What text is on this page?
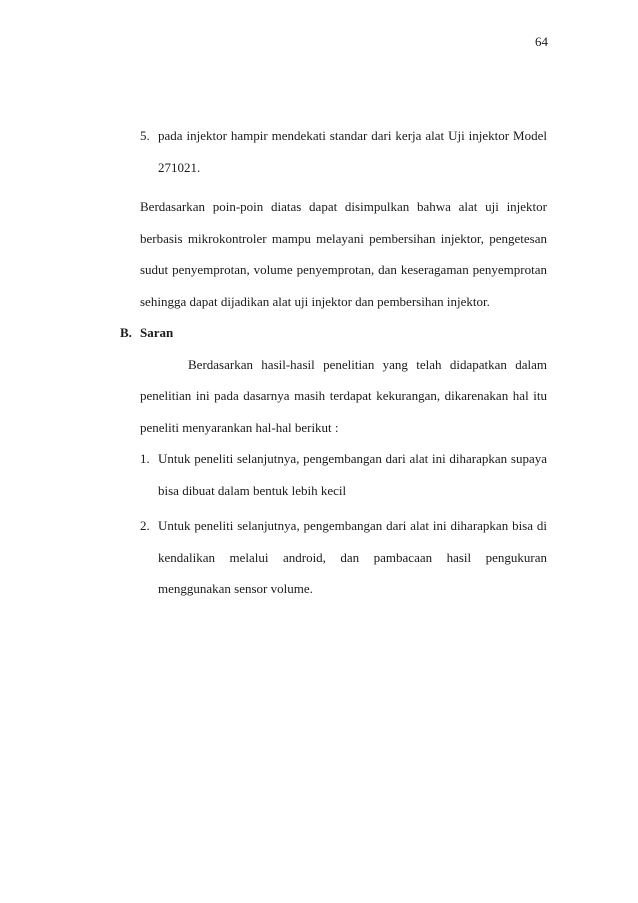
64
5. pada injektor hampir mendekati standar dari kerja alat Uji injektor Model
271021.
Berdasarkan poin-poin diatas dapat disimpulkan bahwa alat uji injektor berbasis mikrokontroler mampu melayani pembersihan injektor, pengetesan sudut penyemprotan, volume penyemprotan, dan keseragaman penyemprotan sehingga dapat dijadikan alat uji injektor dan pembersihan injektor.
B. Saran
Berdasarkan hasil-hasil penelitian yang telah didapatkan dalam penelitian ini pada dasarnya masih terdapat kekurangan, dikarenakan hal itu peneliti menyarankan hal-hal berikut :
1. Untuk peneliti selanjutnya, pengembangan dari alat ini diharapkan supaya bisa dibuat dalam bentuk lebih kecil
2. Untuk peneliti selanjutnya, pengembangan dari alat ini diharapkan bisa di
kendalikan melalui android, dan pambacaan hasil pengukuran
menggunakan sensor volume.
